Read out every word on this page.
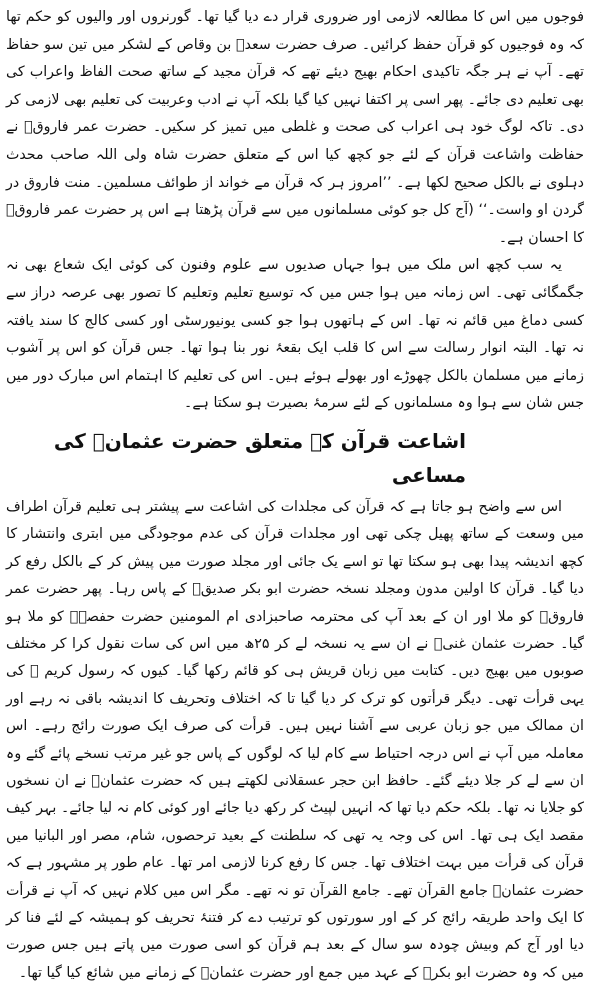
فوجوں میں اس کا مطالعہ لازمی اور ضروری قرار دے دیا گیا تھا۔ گورنروں اور والیوں کو حکم تھا کہ وہ فوجیوں کو قرآن حفظ کرائیں۔ صرف حضرت سعدؓ بن وقاص کے لشکر میں تین سو حفاظ تھے۔ آپ نے ہر جگہ تاکیدی احکام بھیج دیئے تھے کہ قرآن مجید کے ساتھ صحت الفاظ واعراب کی بھی تعلیم دی جائے۔ پھر اسی پر اکتفا نہیں کیا گیا بلکہ آپ نے ادب وعربیت کی تعلیم بھی لازمی کر دی۔ تاکہ لوگ خود ہی اعراب کی صحت و غلطی میں تمیز کر سکیں۔ حضرت عمر فاروقؓ نے حفاظت واشاعت قرآن کے لئے جو کچھ کیا اس کے متعلق حضرت شاہ ولی اللہ صاحب محدث دہلوی نے بالکل صحیح لکھا ہے۔ ’’امروز ہر کہ قرآن مے خواند از طوائف مسلمین۔ منت فاروق در گردن او واست۔‘‘ (آج کل جو کوئی مسلمانوں میں سے قرآن پڑھتا ہے اس پر حضرت عمر فاروقؓ کا احسان ہے۔

یہ سب کچھ اس ملک میں ہوا جہاں صدیوں سے علوم وفنون کی کوئی ایک شعاع بھی نہ جگمگائی تھی۔ اس زمانہ میں ہوا جس میں کہ توسیع تعلیم وتعلیم کا تصور بھی عرصہ دراز سے کسی دماغ میں قائم نہ تھا۔ اس کے ہاتھوں ہوا جو کسی یونیورسٹی اور کسی کالج کا سند یافتہ نہ تھا۔ البتہ انوار رسالت سے اس کا قلب ایک بقعۂ نور بنا ہوا تھا۔ جس قرآن کو اس پر آشوب زمانے میں مسلمان بالکل چھوڑے اور بھولے ہوئے ہیں۔ اس کی تعلیم کا اہتمام اس مبارک دور میں جس شان سے ہوا وہ مسلمانوں کے لئے سرمۂ بصیرت ہو سکتا ہے۔

اشاعت قرآن کے متعلق حضرت عثمانؓ کی مساعی

اس سے واضح ہو جاتا ہے کہ قرآن کی مجلدات کی اشاعت سے پیشتر ہی تعلیم قرآن اطراف میں وسعت کے ساتھ پھیل چکی تھی اور مجلدات قرآن کی عدم موجودگی میں ابتری وانتشار کا کچھ اندیشہ پیدا بھی ہو سکتا تھا تو اسے یک جائی اور مجلد صورت میں پیش کر کے بالکل رفع کر دیا گیا۔ قرآن کا اولین مدون ومجلد نسخہ حضرت ابو بکر صدیقؓ کے پاس رہا۔ پھر حضرت عمر فاروقؓ کو ملا اور ان کے بعد آپ کی محترمہ صاحبزادی ام المومنین حضرت حفصہؓ کو ملا ہو گیا۔ حضرت عثمان غنیؓ نے ان سے یہ نسخہ لے کر ۲۵ھ میں اس کی سات نقول کرا کر مختلف صوبوں میں بھیج دیں۔ کتابت میں زبان قریش ہی کو قائم رکھا گیا۔ کیوں کہ رسول کریم ﷺ کی یہی قرأت تھی۔ دیگر قرأتوں کو ترک کر دیا گیا تا کہ اختلاف وتحریف کا اندیشہ باقی نہ رہے اور ان ممالک میں جو زبان عربی سے آشنا نہیں ہیں۔ قرأت کی صرف ایک صورت رائج رہے۔ اس معاملہ میں آپ نے اس درجہ احتیاط سے کام لیا کہ لوگوں کے پاس جو غیر مرتب نسخے پائے گئے وہ ان سے لے کر جلا دیئے گئے۔ حافظ ابن حجر عسقلانی لکھتے ہیں کہ حضرت عثمانؓ نے ان نسخوں کو جلایا نہ تھا۔ بلکہ حکم دیا تھا کہ انہیں لپیٹ کر رکھ دیا جائے اور کوئی کام نہ لیا جائے۔ بہر کیف مقصد ایک ہی تھا۔ اس کی وجہ یہ تھی کہ سلطنت کے بعید ترحصوں، شام، مصر اور البانیا میں قرآن کی قرأت میں بہت اختلاف تھا۔ جس کا رفع کرنا لازمی امر تھا۔ عام طور پر مشہور ہے کہ حضرت عثمانؓ جامع القرآن تھے۔ جامع القرآن تو نہ تھے۔ مگر اس میں کلام نہیں کہ آپ نے قرأت کا ایک واحد طریقہ رائج کر کے اور سورتوں کو ترتیب دے کر فتنۂ تحریف کو ہمیشہ کے لئے فنا کر دیا اور آج کم وبیش چودہ سو سال کے بعد ہم قرآن کو اسی صورت میں پاتے ہیں جس صورت میں کہ وہ حضرت ابو بکرؓ کے عہد میں جمع اور حضرت عثمانؓ کے زمانے میں شائع کیا گیا تھا۔
